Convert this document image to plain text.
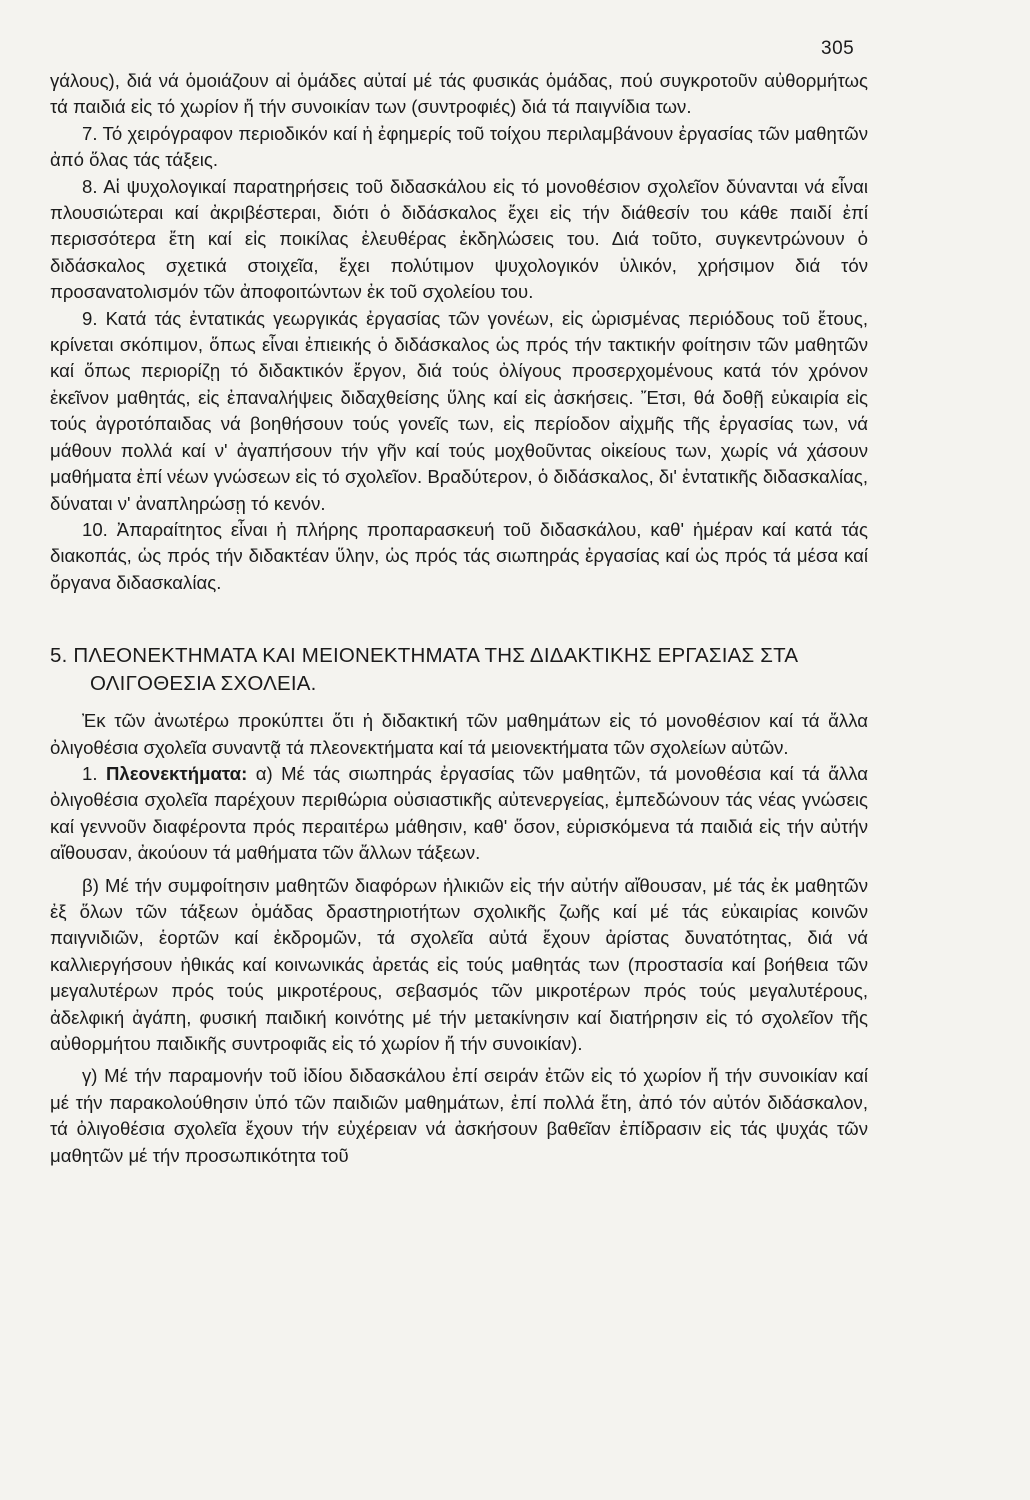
305

γάλους), διά νά ὁμοιάζουν αἱ ὁμάδες αὐταί μέ τάς φυσικάς ὁμάδας, πού συγκροτοῦν αὐθορμήτως τά παιδιά εἰς τό χωρίον ἤ τήν συνοικίαν των (συντροφιές) διά τά παιγνίδια των.

7. Τό χειρόγραφον περιοδικόν καί ἡ ἐφημερίς τοῦ τοίχου περιλαμβάνουν ἐργασίας τῶν μαθητῶν ἀπό ὅλας τάς τάξεις.

8. Αἱ ψυχολογικαί παρατηρήσεις τοῦ διδασκάλου εἰς τό μονοθέσιον σχολεῖον δύνανται νά εἶναι πλουσιώτεραι καί ἀκριβέστεραι, διότι ὁ διδάσκαλος ἔχει εἰς τήν διάθεσίν του κάθε παιδί ἐπί περισσότερα ἔτη καί εἰς ποικίλας ἐλευθέρας ἐκδηλώσεις του. Διά τοῦτο, συγκεντρώνουν ὁ διδάσκαλος σχετικά στοιχεῖα, ἔχει πολύτιμον ψυχολογικόν ὑλικόν, χρήσιμον διά τόν προσανατολισμόν τῶν ἀποφοιτώντων ἐκ τοῦ σχολείου του.

9. Κατά τάς ἐντατικάς γεωργικάς ἐργασίας τῶν γονέων, εἰς ὡρισμένας περιόδους τοῦ ἔτους, κρίνεται σκόπιμον, ὅπως εἶναι ἐπιεικής ὁ διδάσκαλος ὡς πρός τήν τακτικήν φοίτησιν τῶν μαθητῶν καί ὅπως περιορίζῃ τό διδακτικόν ἔργον, διά τούς ὀλίγους προσερχομένους κατά τόν χρόνον ἐκεῖνον μαθητάς, εἰς ἐπαναλήψεις διδαχθείσης ὕλης καί εἰς ἀσκήσεις. Ἔτσι, θά δοθῇ εὐκαιρία εἰς τούς ἀγροτόπαιδας νά βοηθήσουν τούς γονεῖς των, εἰς περίοδον αἰχμῆς τῆς ἐργασίας των, νά μάθουν πολλά καί ν' ἀγαπήσουν τήν γῆν καί τούς μοχθοῦντας οἰκείους των, χωρίς νά χάσουν μαθήματα ἐπί νέων γνώσεων εἰς τό σχολεῖον. Βραδύτερον, ὁ διδάσκαλος, δι' ἐντατικῆς διδασκαλίας, δύναται ν' ἀναπληρώσῃ τό κενόν.

10. Ἀπαραίτητος εἶναι ἡ πλήρης προπαρασκευή τοῦ διδασκάλου, καθ' ἡμέραν καί κατά τάς διακοπάς, ὡς πρός τήν διδακτέαν ὕλην, ὡς πρός τάς σιωπηράς ἐργασίας καί ὡς πρός τά μέσα καί ὄργανα διδασκαλίας.

5. ΠΛΕΟΝΕΚΤΗΜΑΤΑ ΚΑΙ ΜΕΙΟΝΕΚΤΗΜΑΤΑ ΤΗΣ ΔΙΔΑΚΤΙΚΗΣ ΕΡΓΑΣΙΑΣ ΣΤΑ ΟΛΙΓΟΘΕΣΙΑ ΣΧΟΛΕΙΑ.

Ἐκ τῶν ἀνωτέρω προκύπτει ὅτι ἡ διδακτική τῶν μαθημάτων εἰς τό μονοθέσιον καί τά ἄλλα ὀλιγοθέσια σχολεῖα συναντᾷ τά πλεονεκτήματα καί τά μειονεκτήματα τῶν σχολείων αὐτῶν.

1. Πλεονεκτήματα: α) Μέ τάς σιωπηράς ἐργασίας τῶν μαθητῶν, τά μονοθέσια καί τά ἄλλα ὀλιγοθέσια σχολεῖα παρέχουν περιθώρια οὐσιαστικῆς αὐτενεργείας, ἐμπεδώνουν τάς νέας γνώσεις καί γεννοῦν διαφέροντα πρός περαιτέρω μάθησιν, καθ' ὅσον, εὑρισκόμενα τά παιδιά εἰς τήν αὐτήν αἴθουσαν, ἀκούουν τά μαθήματα τῶν ἄλλων τάξεων.

β) Μέ τήν συμφοίτησιν μαθητῶν διαφόρων ἡλικιῶν εἰς τήν αὐτήν αἴθουσαν, μέ τάς ἐκ μαθητῶν ἐξ ὅλων τῶν τάξεων ὁμάδας δραστηριοτήτων σχολικῆς ζωῆς καί μέ τάς εὐκαιρίας κοινῶν παιγνιδιῶν, ἑορτῶν καί ἐκδρομῶν, τά σχολεῖα αὐτά ἔχουν ἀρίστας δυνατότητας, διά νά καλλιεργήσουν ἠθικάς καί κοινωνικάς ἀρετάς εἰς τούς μαθητάς των (προστασία καί βοήθεια τῶν μεγαλυτέρων πρός τούς μικροτέρους, σεβασμός τῶν μικροτέρων πρός τούς μεγαλυτέρους, ἀδελφική ἀγάπη, φυσική παιδική κοινότης μέ τήν μετακίνησιν καί διατήρησιν εἰς τό σχολεῖον τῆς αὐθορμήτου παιδικῆς συντροφιᾶς εἰς τό χωρίον ἤ τήν συνοικίαν).

γ) Μέ τήν παραμονήν τοῦ ἰδίου διδασκάλου ἐπί σειράν ἐτῶν εἰς τό χωρίον ἤ τήν συνοικίαν καί μέ τήν παρακολούθησιν ὑπό τῶν παιδιῶν μαθημάτων, ἐπί πολλά ἔτη, ἀπό τόν αὐτόν διδάσκαλον, τά ὀλιγοθέσια σχολεῖα ἔχουν τήν εὐχέρειαν νά ἀσκήσουν βαθεῖαν ἐπίδρασιν εἰς τάς ψυχάς τῶν μαθητῶν μέ τήν προσωπικότητα τοῦ
